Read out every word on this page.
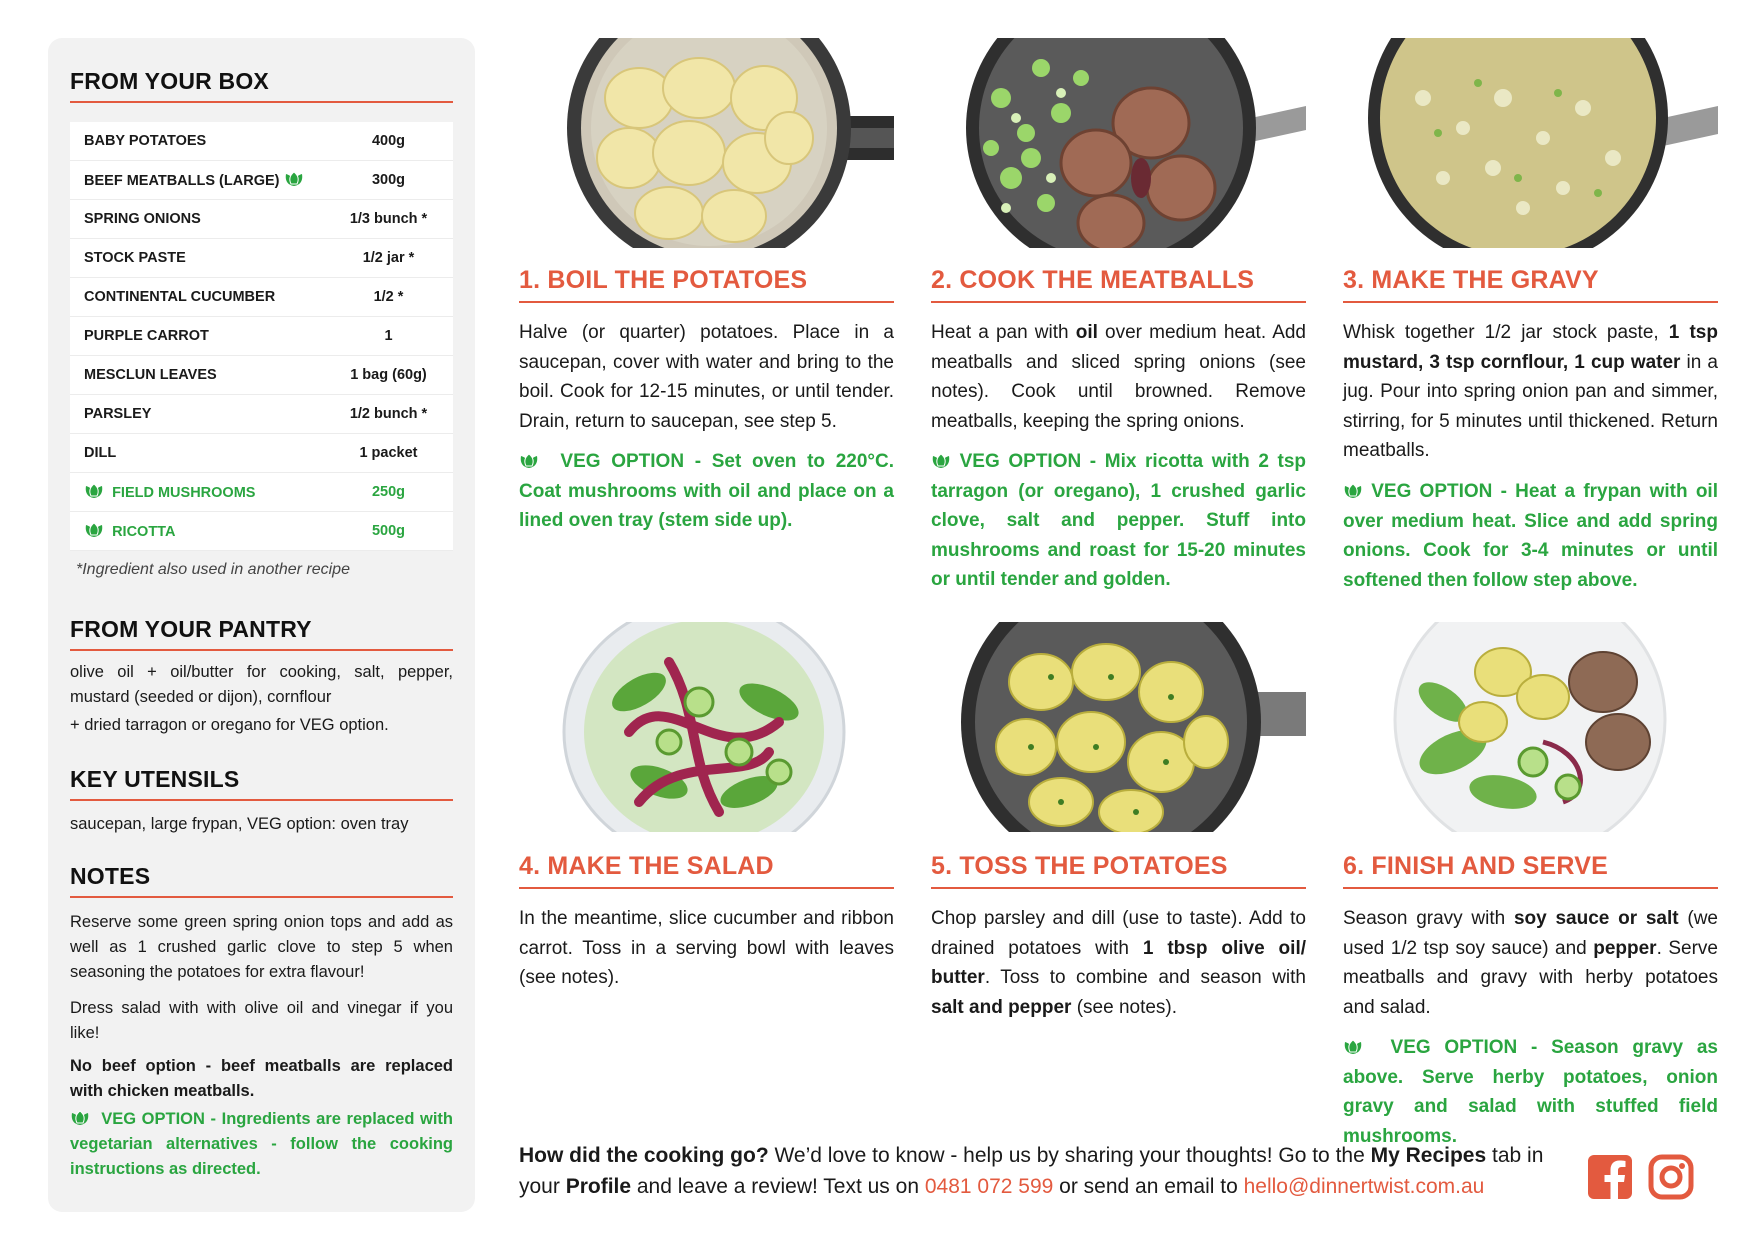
FROM YOUR BOX
BABY POTATOES	400g
BEEF MEATBALLS (LARGE)	300g
SPRING ONIONS	1/3 bunch *
STOCK PASTE	1/2 jar *
CONTINENTAL CUCUMBER	1/2 *
PURPLE CARROT	1
MESCLUN LEAVES	1 bag (60g)
PARSLEY	1/2 bunch *
DILL	1 packet

FIELD MUSHROOMS	250g

RICOTTA	500g
*Ingredient also used in another recipe
FROM YOUR PANTRY

olive oil + oil/butter for cooking, salt, pepper, mustard (seeded or dijon), cornflour

+ dried tarragon or oregano for VEG option.

KEY UTENSILS

saucepan, large frypan, VEG option: oven tray

NOTES

Reserve some green spring onion tops and add as well as 1 crushed garlic clove to step 5 when seasoning the potatoes for extra flavour!

Dress salad with with olive oil and vinegar if you like!

No beef option - beef meatballs are replaced with chicken meatballs.

VEG OPTION - Ingredients are replaced with vegetarian alternatives - follow the cooking instructions as directed.

1. BOIL THE POTATOES

Halve (or quarter) potatoes. Place in a saucepan, cover with water and bring to the boil. Cook for 12-15 minutes, or until tender. Drain, return to saucepan, see step 5.

VEG OPTION - Set oven to 220°C. Coat mushrooms with oil and place on a lined oven tray (stem side up).

2. COOK THE MEATBALLS

Heat a pan with oil over medium heat. Add meatballs and sliced spring onions (see notes). Cook until browned. Remove meatballs, keeping the spring onions.

VEG OPTION - Mix ricotta with 2 tsp tarragon (or oregano), 1 crushed garlic clove, salt and pepper. Stuff into mushrooms and roast for 15-20 minutes or until tender and golden.

3. MAKE THE GRAVY

Whisk together 1/2 jar stock paste, 1 tsp mustard, 3 tsp cornflour, 1 cup water in a jug. Pour into spring onion pan and simmer, stirring, for 5 minutes until thickened. Return meatballs.

VEG OPTION - Heat a frypan with oil over medium heat. Slice and add spring onions. Cook for 3-4 minutes or until softened then follow step above.

4. MAKE THE SALAD

In the meantime, slice cucumber and ribbon carrot. Toss in a serving bowl with leaves (see notes).

5. TOSS THE POTATOES

Chop parsley and dill (use to taste). Add to drained potatoes with 1 tbsp olive oil/ butter. Toss to combine and season with salt and pepper (see notes).

6. FINISH AND SERVE

Season gravy with soy sauce or salt (we used 1/2 tsp soy sauce) and pepper. Serve meatballs and gravy with herby potatoes and salad.

VEG OPTION - Season gravy as above. Serve herby potatoes, onion gravy and salad with stuffed field mushrooms.

How did the cooking go? We’d love to know - help us by sharing your thoughts! Go to the My Recipes tab in your Profile and leave a review! Text us on 0481 072 599 or send an email to hello@dinnertwist.com.au
